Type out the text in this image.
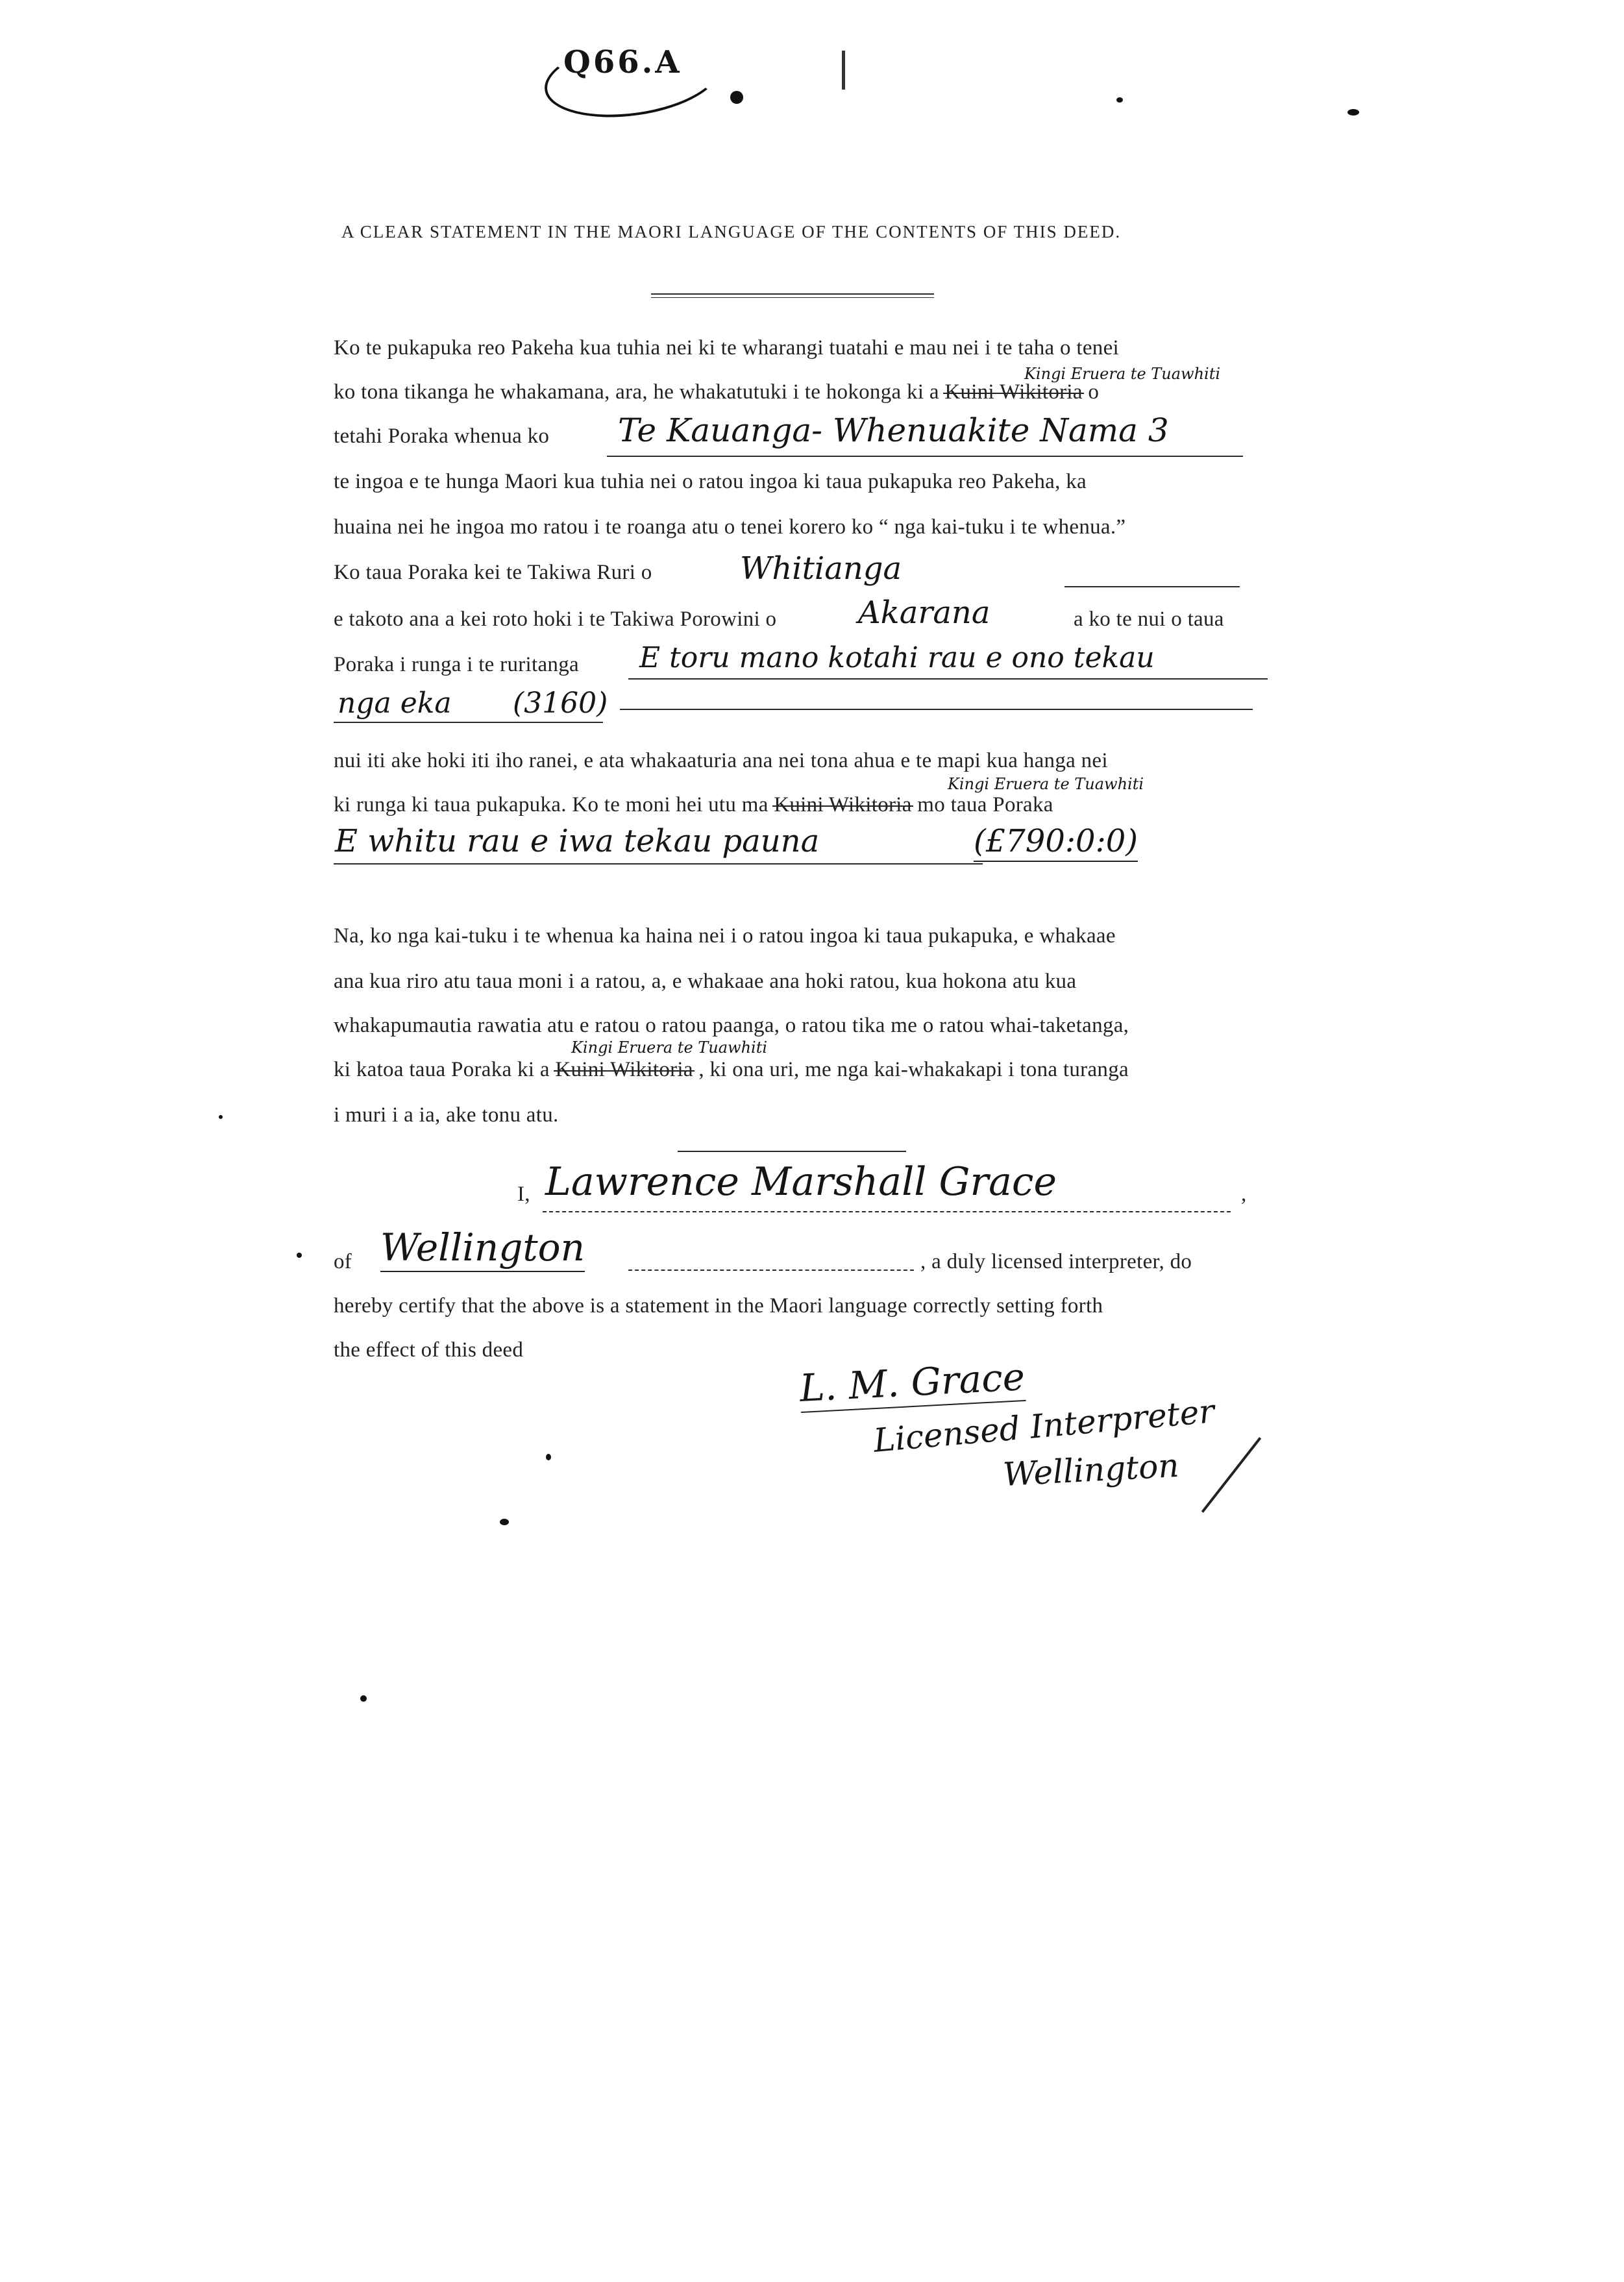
Q66.A
A CLEAR STATEMENT IN THE MAORI LANGUAGE OF THE CONTENTS OF THIS DEED.
Ko te pukapuka reo Pakeha kua tuhia nei ki te wharangi tuatahi e mau nei i te taha o tenei
Kingi Eruera te Tuawhiti
ko tona tikanga he whakamana, ara, he whakatutuki i te hokonga ki a Kuini Wikitoria o
tetahi Poraka whenua ko Te Kauanga- Whenuakite Nama 3
te ingoa e te hunga Maori kua tuhia nei o ratou ingoa ki taua pukapuka reo Pakeha, ka
huaina nei he ingoa mo ratou i te roanga atu o tenei korero ko “ nga kai-tuku i te whenua.”
Ko taua Poraka kei te Takiwa Ruri o	Whitianga
e takoto ana a kei roto hoki i te Takiwa Porowini o	Akarana	a ko te nui o taua
Poraka i runga i te ruritanga E toru mano kotahi rau e ono tekau
nga eka (3160)
nui iti ake hoki iti iho ranei, e ata whakaaturia ana nei tona ahua e te mapi kua hanga nei
Kingi Eruera te Tuawhiti
ki runga ki taua pukapuka. Ko te moni hei utu ma Kuini Wikitoria mo taua Poraka
E whitu rau e iwa tekau pauna	(£790:0:0)
Na, ko nga kai-tuku i te whenua ka haina nei i o ratou ingoa ki taua pukapuka, e whakaae
ana kua riro atu taua moni i a ratou, a, e whakaae ana hoki ratou, kua hokona atu kua
whakapumautia rawatia atu e ratou o ratou paanga, o ratou tika me o ratou whai-taketanga,
Kingi Eruera te Tuawhiti
ki katoa taua Poraka ki a Kuini Wikitoria , ki ona uri, me nga kai-whakakapi i tona turanga
i muri i a ia, ake tonu atu.
I, Lawrence Marshall Grace	,
of Wellington	, a duly licensed interpreter, do
hereby certify that the above is a statement in the Maori language correctly setting forth
the effect of this deed
L. M. Grace
Licensed Interpreter
Wellington
